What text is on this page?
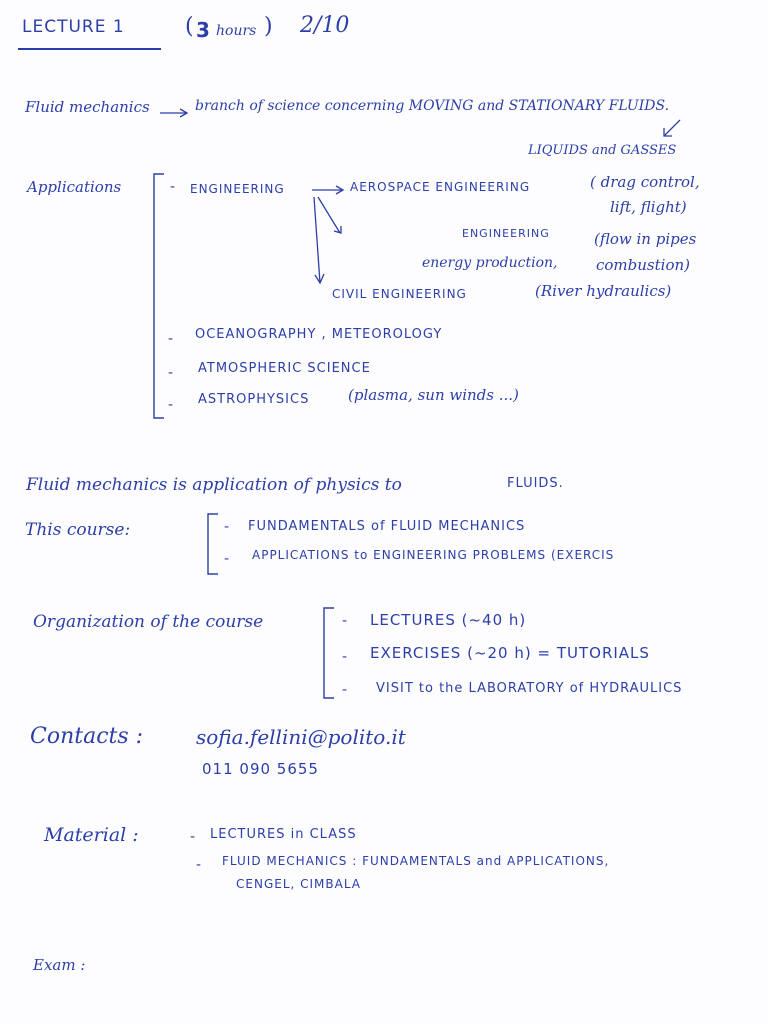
LECTURE 1	( 3 hours ) 2/10
Fluid mechanics	branch of science concerning MOVING and STATIONARY FLUIDS.
LIQUIDS and GASSES
Applications	- ENGINEERING	AEROSPACE ENGINEERING	( drag control,
lift, flight)
ENGINEERING	(flow in pipes
energy production,	combustion)
CIVIL ENGINEERING	(River hydraulics)
- OCEANOGRAPHY , METEOROLOGY
- ATMOSPHERIC SCIENCE
- ASTROPHYSICS	(plasma, sun winds ...)
Fluid mechanics is application of physics to	FLUIDS.
This course:	- FUNDAMENTALS of FLUID MECHANICS
- APPLICATIONS to ENGINEERING PROBLEMS (EXERCIS
Organization of the course	- LECTURES (~40 h)
- EXERCISES (~20 h) = TUTORIALS
- VISIT to the LABORATORY of HYDRAULICS
Contacts :	sofia.fellini@polito.it
011 090 5655
Material :	- LECTURES in CLASS
- FLUID MECHANICS : FUNDAMENTALS and APPLICATIONS,
CENGEL, CIMBALA
Exam :
